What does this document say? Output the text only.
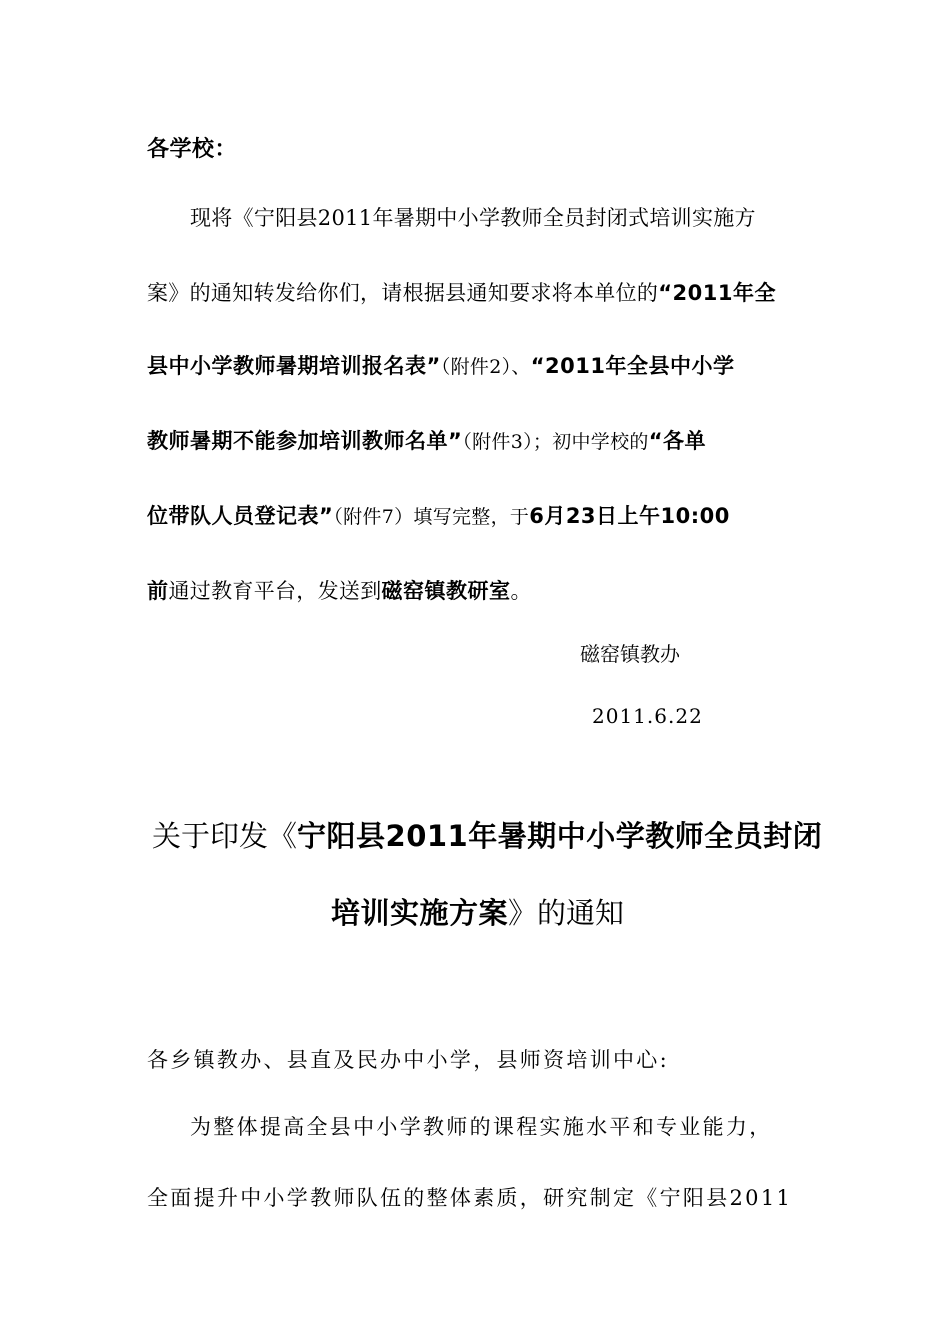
各学校：
现将《宁阳县2011年暑期中小学教师全员封闭式培训实施方
案》的通知转发给你们，请根据县通知要求将本单位的“2011年全
县中小学教师暑期培训报名表”（附件2）、“2011年全县中小学
教师暑期不能参加培训教师名单”（附件3）；初中学校的“各单
位带队人员登记表”（附件7）填写完整，于6月23日上午10:00
前通过教育平台，发送到磁窑镇教研室。
磁窑镇教办
2011.6.22
关于印发《宁阳县2011年暑期中小学教师全员封闭
培训实施方案》的通知
各乡镇教办、县直及民办中小学，县师资培训中心:
为整体提高全县中小学教师的课程实施水平和专业能力，
全面提升中小学教师队伍的整体素质，研究制定《宁阳县2011
